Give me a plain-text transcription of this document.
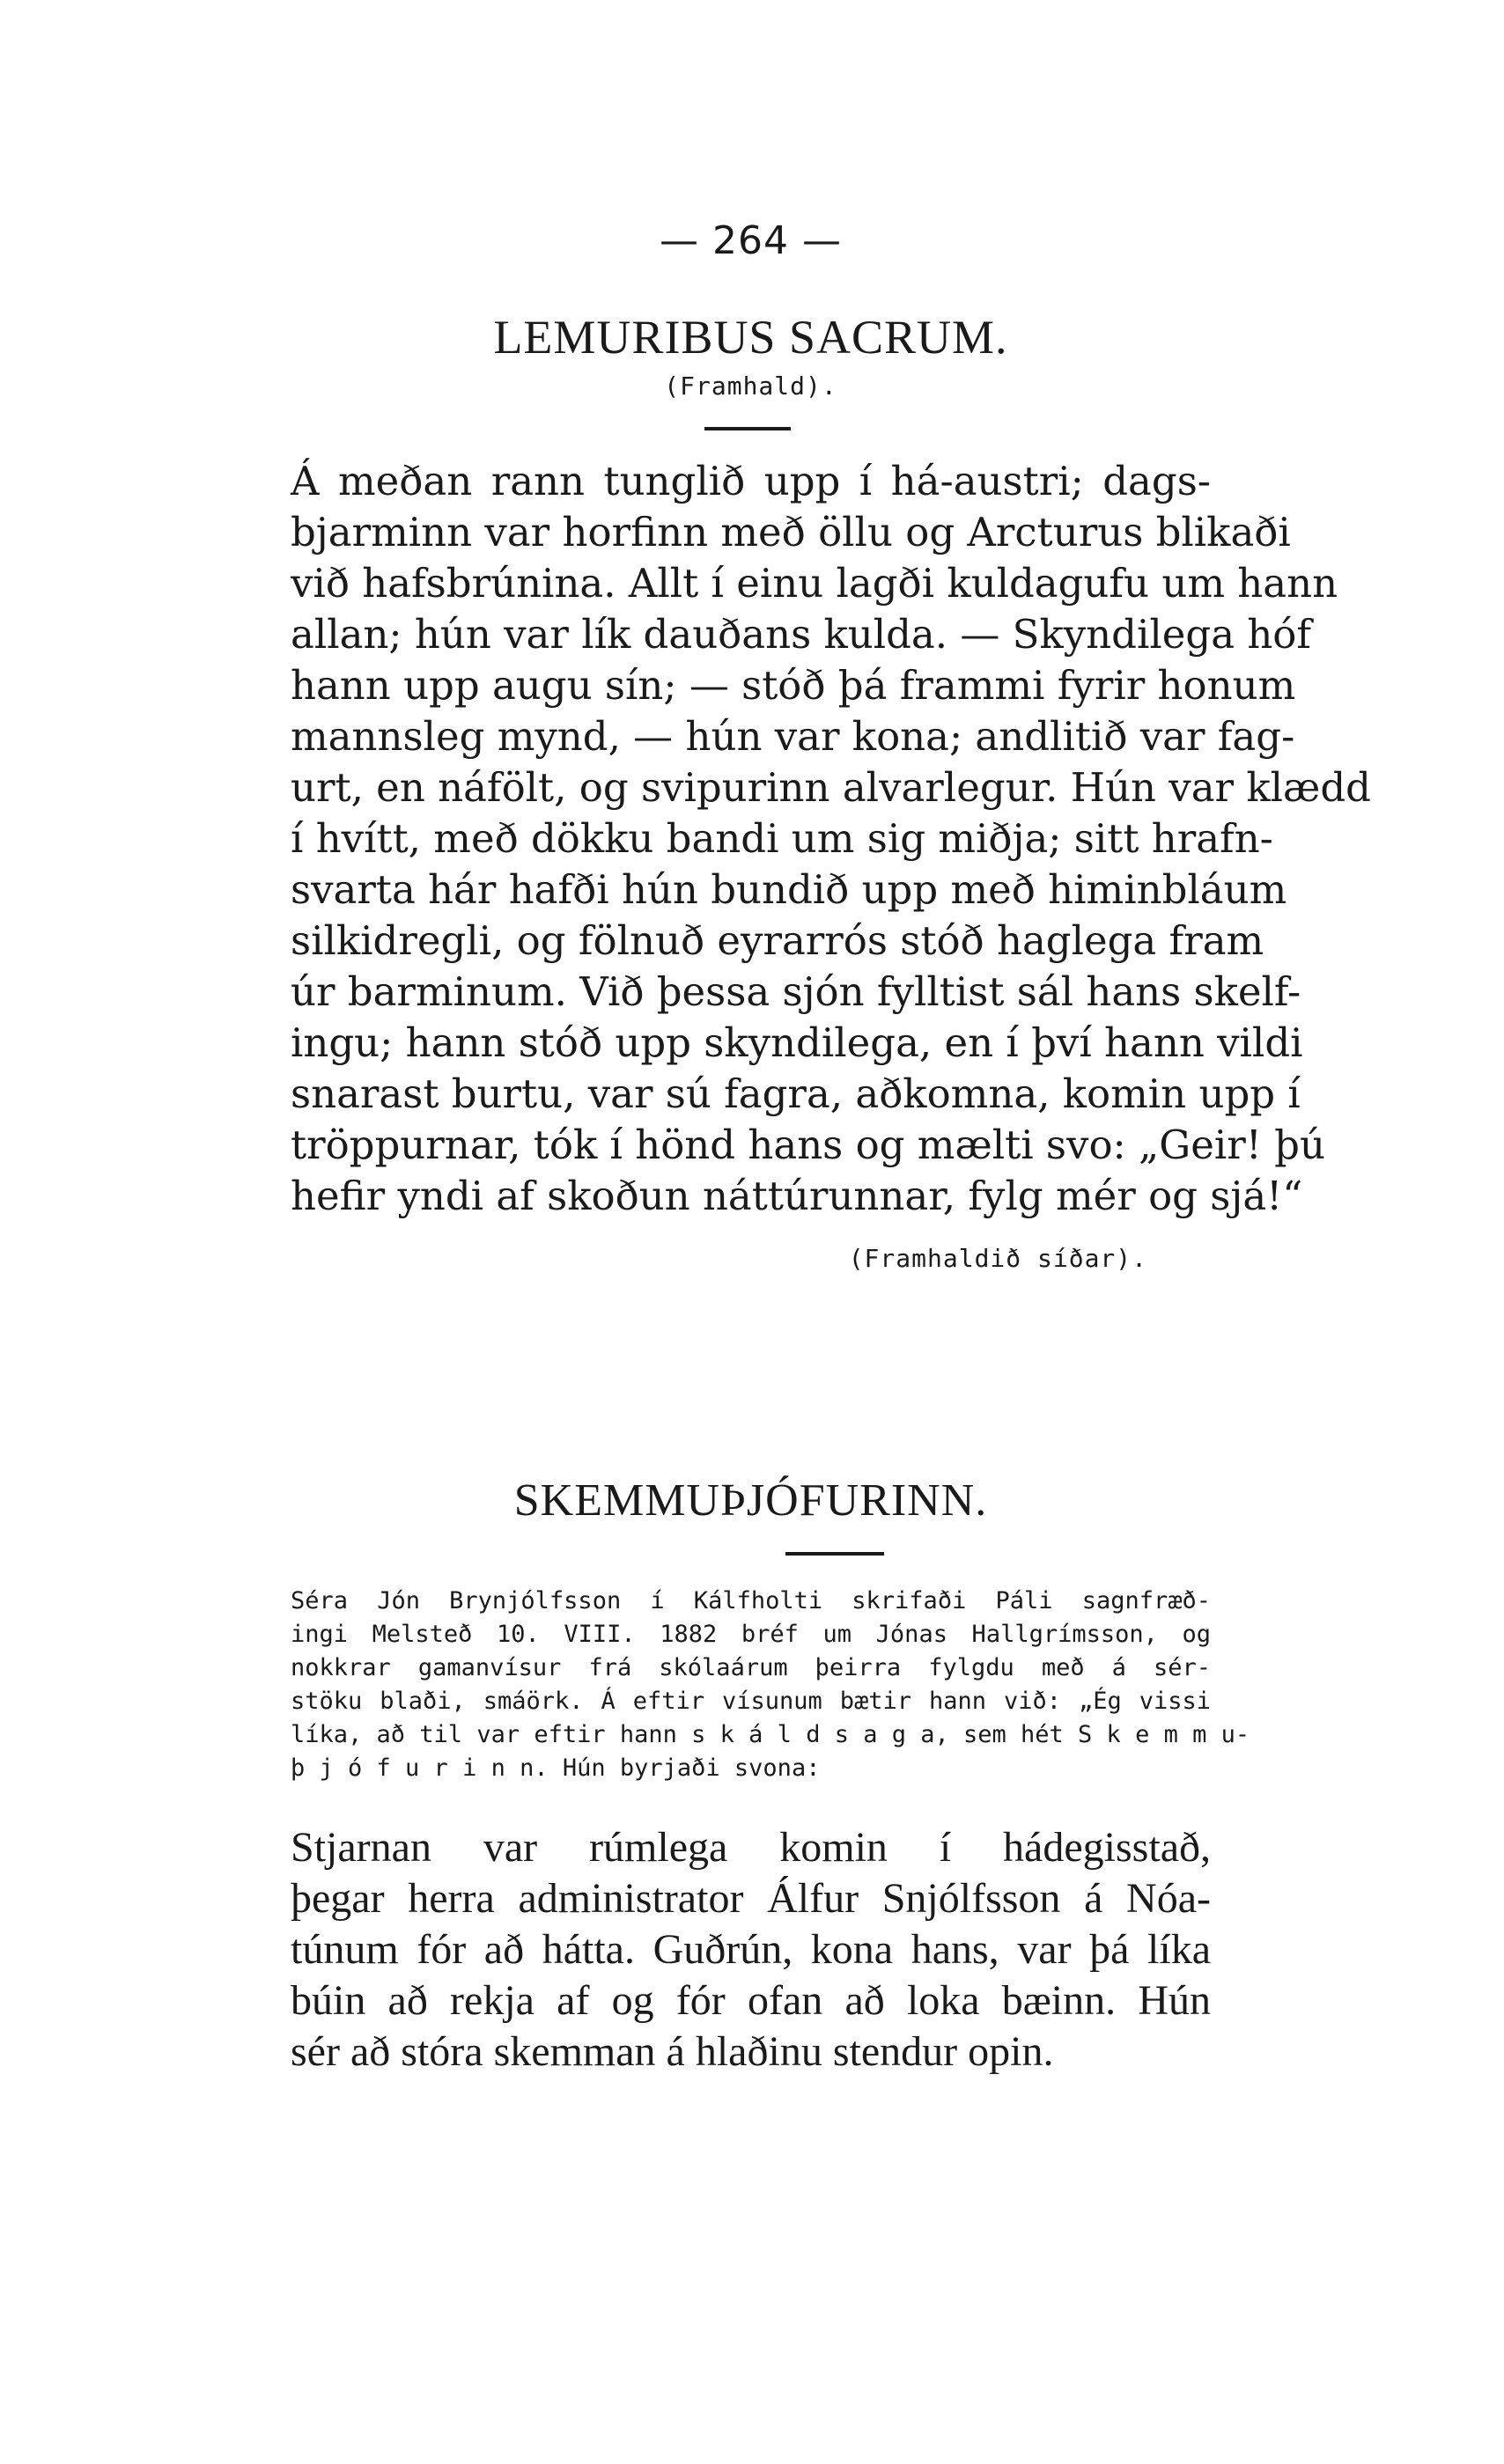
— 264 —
LEMURIBUS SACRUM.
(Framhald).
Á meðan rann tunglið upp í há-austri; dags-
bjarminn var horfinn með öllu og Arcturus blikaði
við hafsbrúnina. Allt í einu lagði kuldagufu um hann
allan; hún var lík dauðans kulda. — Skyndilega hóf
hann upp augu sín; — stóð þá frammi fyrir honum
mannsleg mynd, — hún var kona; andlitið var fag-
urt, en náfölt, og svipurinn alvarlegur. Hún var klædd
í hvítt, með dökku bandi um sig miðja; sitt hrafn-
svarta hár hafði hún bundið upp með himinbláum
silkidregli, og fölnuð eyrarrós stóð haglega fram
úr barminum. Við þessa sjón fylltist sál hans skelf-
ingu; hann stóð upp skyndilega, en í því hann vildi
snarast burtu, var sú fagra, aðkomna, komin upp í
tröppurnar, tók í hönd hans og mælti svo: „Geir! þú
hefir yndi af skoðun náttúrunnar, fylg mér og sjá!“
(Framhaldið síðar).
SKEMMUÞJÓFURINN.
Séra Jón Brynjólfsson í Kálfholti skrifaði Páli sagnfræð-
ingi Melsteð 10. VIII. 1882 bréf um Jónas Hallgrímsson, og
nokkrar gamanvísur frá skólaárum þeirra fylgdu með á sér-
stöku blaði, smáörk. Á eftir vísunum bætir hann við: „Ég vissi
líka, að til var eftir hann s k á l d s a g a, sem hét S k e m m u-
þ j ó f u r i n n. Hún byrjaði svona:
Stjarnan var rúmlega komin í hádegisstað,
þegar herra administrator Álfur Snjólfsson á Nóa-
túnum fór að hátta. Guðrún, kona hans, var þá líka
búin að rekja af og fór ofan að loka bæinn. Hún
sér að stóra skemman á hlaðinu stendur opin.
